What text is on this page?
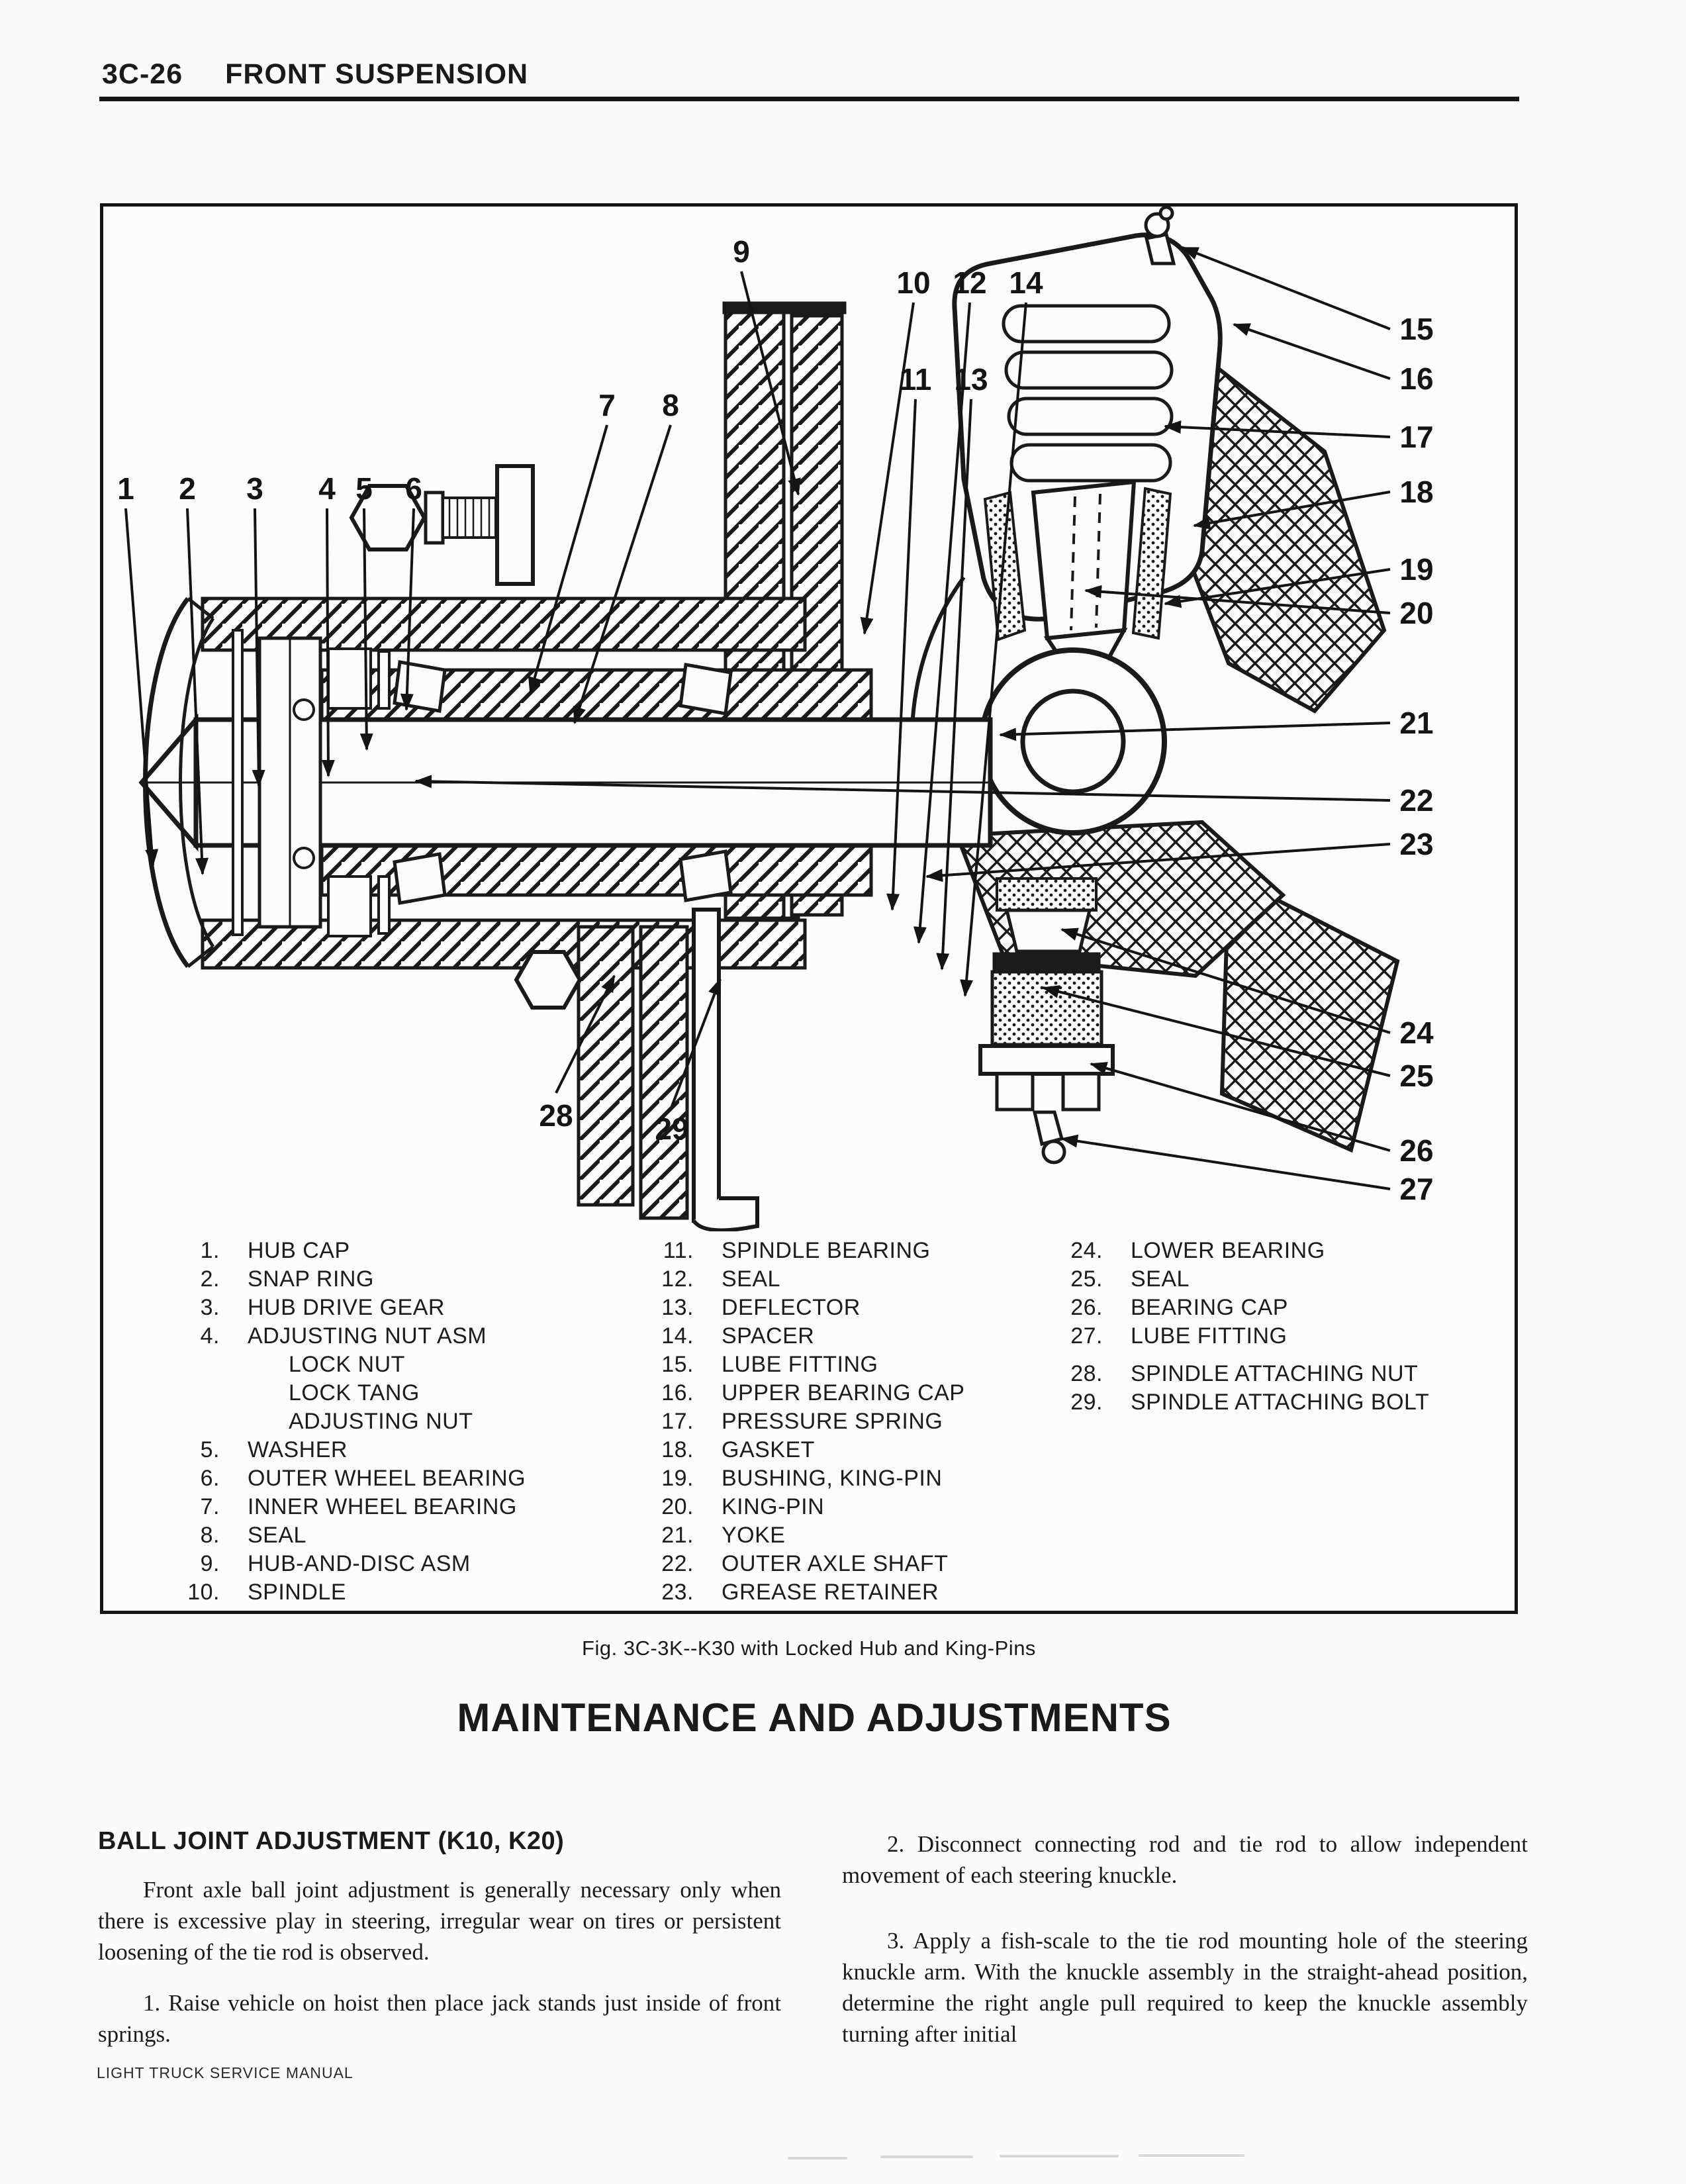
3C-26 FRONT SUSPENSION
1 2 3 4 5 6
7 8
9
10
11
12
13
14
15
16
17
18
19
20
21
22
23
24
25
26
27
28	29
1. HUB CAP
2. SNAP RING
3. HUB DRIVE GEAR
4. ADJUSTING NUT ASM
LOCK NUT
LOCK TANG
ADJUSTING NUT
5. WASHER
6. OUTER WHEEL BEARING
7. INNER WHEEL BEARING
8. SEAL
9. HUB-AND-DISC ASM
10. SPINDLE
11. SPINDLE BEARING
12. SEAL
13. DEFLECTOR
14. SPACER
15. LUBE FITTING
16. UPPER BEARING CAP
17. PRESSURE SPRING
18. GASKET
19. BUSHING, KING-PIN
20. KING-PIN
21. YOKE
22. OUTER AXLE SHAFT
23. GREASE RETAINER
24. LOWER BEARING
25. SEAL
26. BEARING CAP
27. LUBE FITTING
28. SPINDLE ATTACHING NUT
29. SPINDLE ATTACHING BOLT
Fig. 3C-3K--K30 with Locked Hub and King-Pins
MAINTENANCE AND ADJUSTMENTS
BALL JOINT ADJUSTMENT (K10, K20)

Front axle ball joint adjustment is generally necessary only when there is excessive play in steering, irregular wear on tires or persistent loosening of the tie rod is observed.

1. Raise vehicle on hoist then place jack stands just inside of front springs.

2. Disconnect connecting rod and tie rod to allow independent movement of each steering knuckle.

3. Apply a fish-scale to the tie rod mounting hole of the steering knuckle arm. With the knuckle assembly in the straight-ahead position, determine the right angle pull required to keep the knuckle assembly turning after initial

LIGHT TRUCK SERVICE MANUAL
